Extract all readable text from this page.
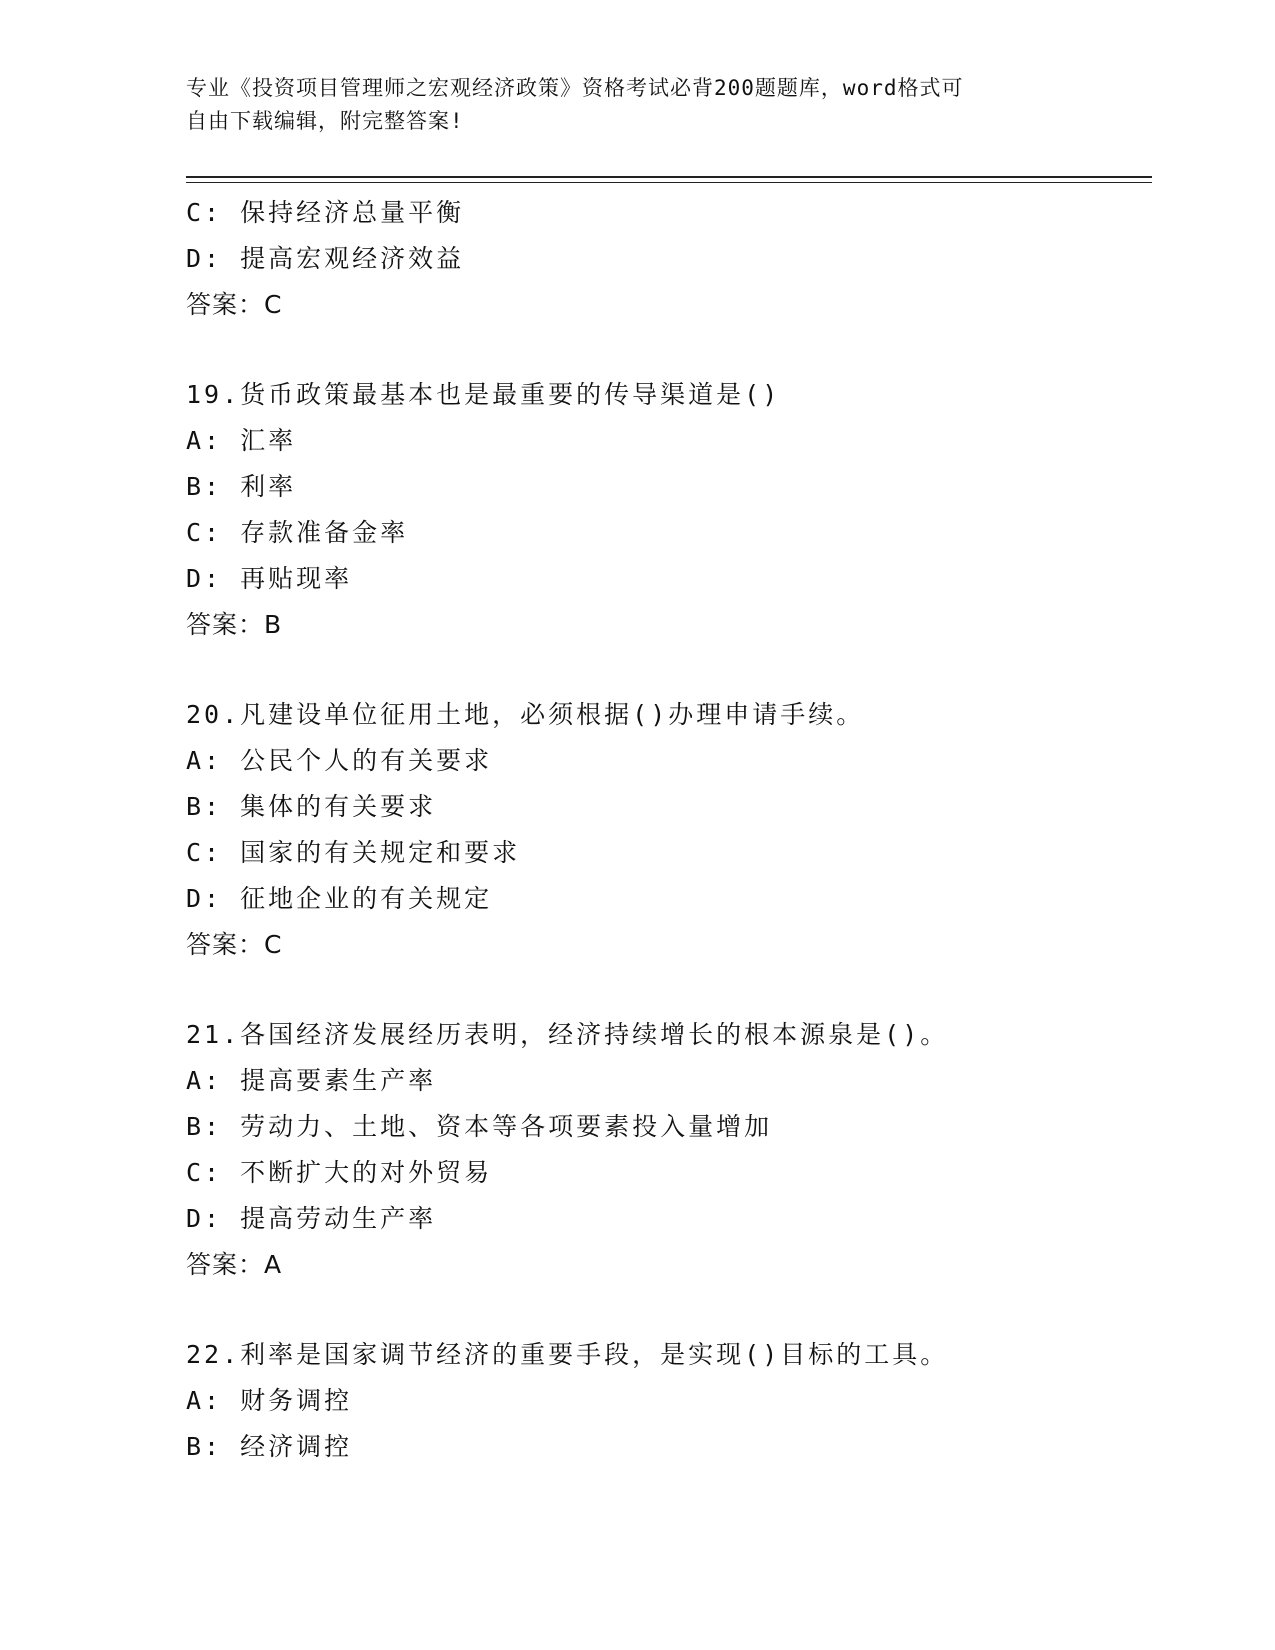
专业《投资项目管理师之宏观经济政策》资格考试必背200题题库，word格式可
自由下载编辑，附完整答案!
C: 保持经济总量平衡
D: 提高宏观经济效益
答案：C
19.货币政策最基本也是最重要的传导渠道是()
A: 汇率
B: 利率
C: 存款准备金率
D: 再贴现率
答案：B
20.凡建设单位征用土地，必须根据()办理申请手续。
A: 公民个人的有关要求
B: 集体的有关要求
C: 国家的有关规定和要求
D: 征地企业的有关规定
答案：C
21.各国经济发展经历表明，经济持续增长的根本源泉是()。
A: 提高要素生产率
B: 劳动力、土地、资本等各项要素投入量增加
C: 不断扩大的对外贸易
D: 提高劳动生产率
答案：A
22.利率是国家调节经济的重要手段，是实现()目标的工具。
A: 财务调控
B: 经济调控
